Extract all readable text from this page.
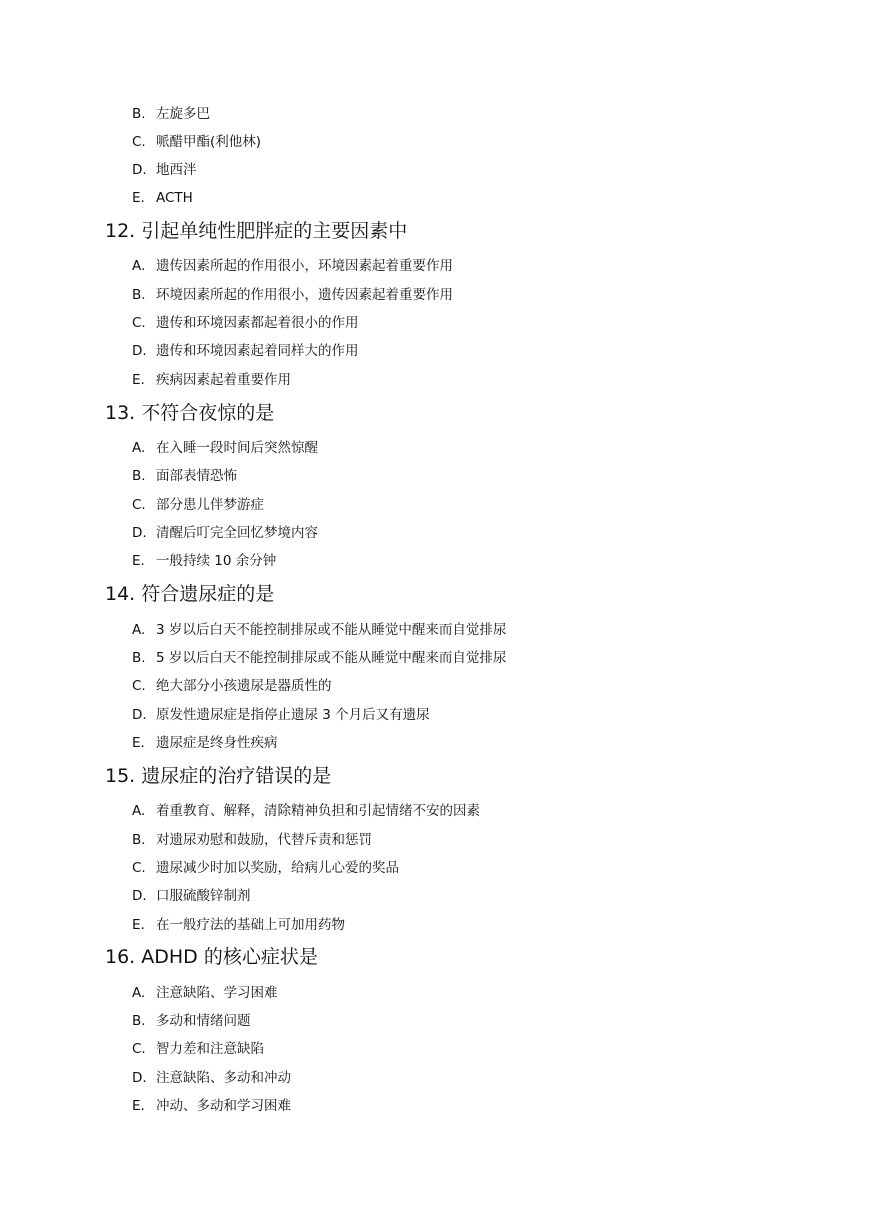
B. 左旋多巴
C. 哌醋甲酯(利他林)
D. 地西泮
E. ACTH
12. 引起单纯性肥胖症的主要因素中
A. 遗传因素所起的作用很小，环境因素起着重要作用
B. 环境因素所起的作用很小，遗传因素起着重要作用
C. 遗传和环境因素都起着很小的作用
D. 遗传和环境因素起着同样大的作用
E. 疾病因素起着重要作用
13. 不符合夜惊的是
A. 在入睡一段时间后突然惊醒
B. 面部表情恐怖
C. 部分患儿伴梦游症
D. 清醒后叮完全回忆梦境内容
E. 一般持续 10 余分钟
14. 符合遗尿症的是
A. 3 岁以后白天不能控制排尿或不能从睡觉中醒来而自觉排尿
B. 5 岁以后白天不能控制排尿或不能从睡觉中醒来而自觉排尿
C. 绝大部分小孩遗尿是器质性的
D. 原发性遗尿症是指停止遗尿 3 个月后又有遗尿
E. 遗尿症是终身性疾病
15. 遗尿症的治疗错误的是
A. 着重教育、解释，清除精神负担和引起情绪不安的因素
B. 对遗尿劝慰和鼓励，代替斥责和惩罚
C. 遗尿减少时加以奖励，给病儿心爱的奖品
D. 口服硫酸锌制剂
E. 在一般疗法的基础上可加用药物
16. ADHD 的核心症状是
A. 注意缺陷、学习困难
B. 多动和情绪问题
C. 智力差和注意缺陷
D. 注意缺陷、多动和冲动
E. 冲动、多动和学习困难
